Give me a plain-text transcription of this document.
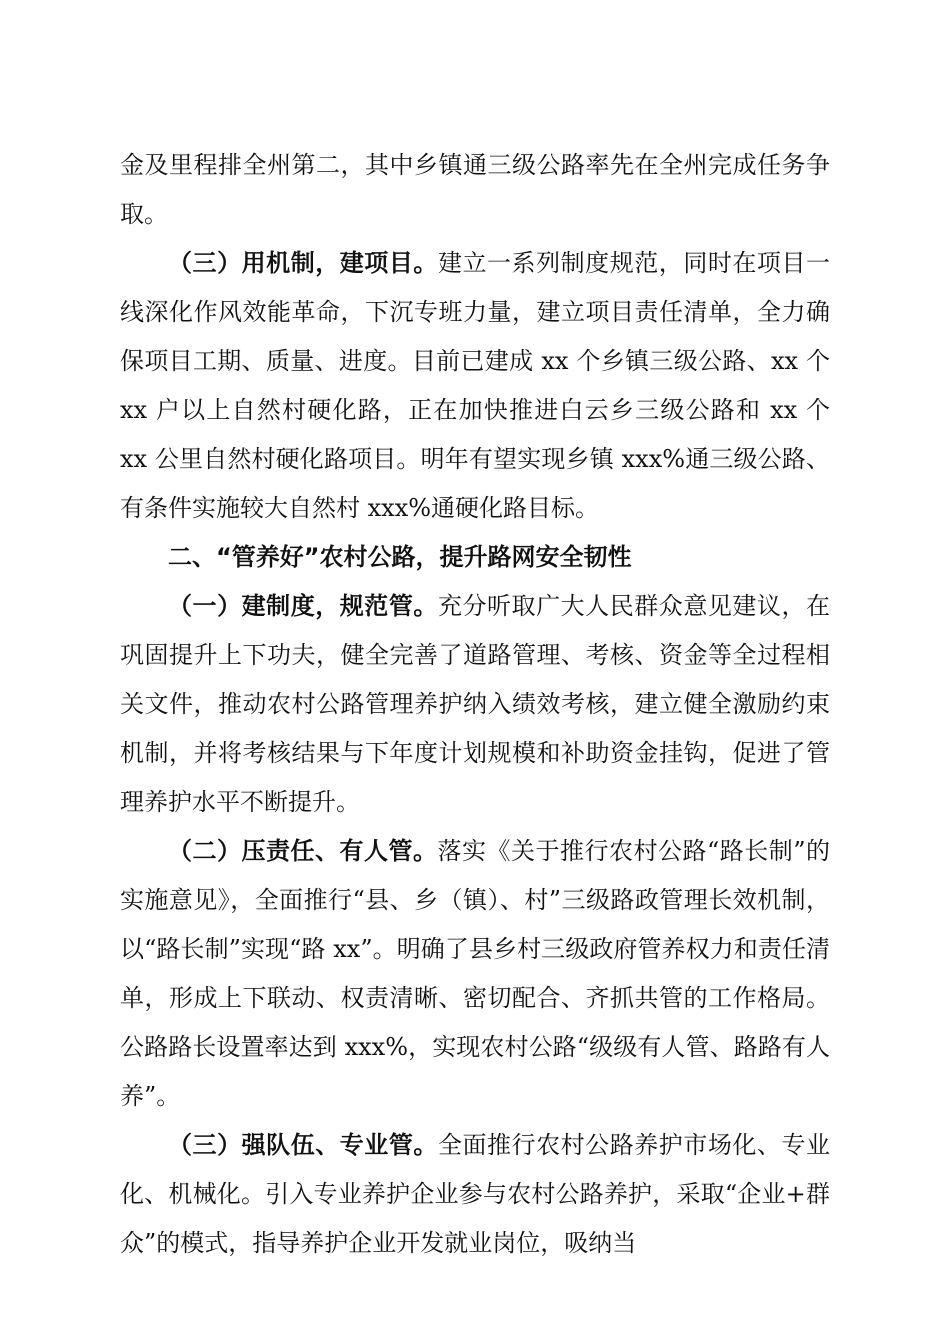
金及里程排全州第二，其中乡镇通三级公路率先在全州完成任务争取。

（三）用机制，建项目。建立一系列制度规范，同时在项目一线深化作风效能革命，下沉专班力量，建立项目责任清单，全力确保项目工期、质量、进度。目前已建成 xx 个乡镇三级公路、xx 个 xx 户以上自然村硬化路，正在加快推进白云乡三级公路和 xx 个 xx 公里自然村硬化路项目。明年有望实现乡镇 xxx%通三级公路、有条件实施较大自然村 xxx%通硬化路目标。

二、“管养好”农村公路，提升路网安全韧性

（一）建制度，规范管。充分听取广大人民群众意见建议，在巩固提升上下功夫，健全完善了道路管理、考核、资金等全过程相关文件，推动农村公路管理养护纳入绩效考核，建立健全激励约束机制，并将考核结果与下年度计划规模和补助资金挂钩，促进了管理养护水平不断提升。

（二）压责任、有人管。落实《关于推行农村公路“路长制”的实施意见》，全面推行“县、乡（镇）、村”三级路政管理长效机制，以“路长制”实现“路 xx”。明确了县乡村三级政府管养权力和责任清单，形成上下联动、权责清晰、密切配合、齐抓共管的工作格局。公路路长设置率达到 xxx%，实现农村公路“级级有人管、路路有人养”。

（三）强队伍、专业管。全面推行农村公路养护市场化、专业化、机械化。引入专业养护企业参与农村公路养护，采取“企业+群众”的模式，指导养护企业开发就业岗位，吸纳当
